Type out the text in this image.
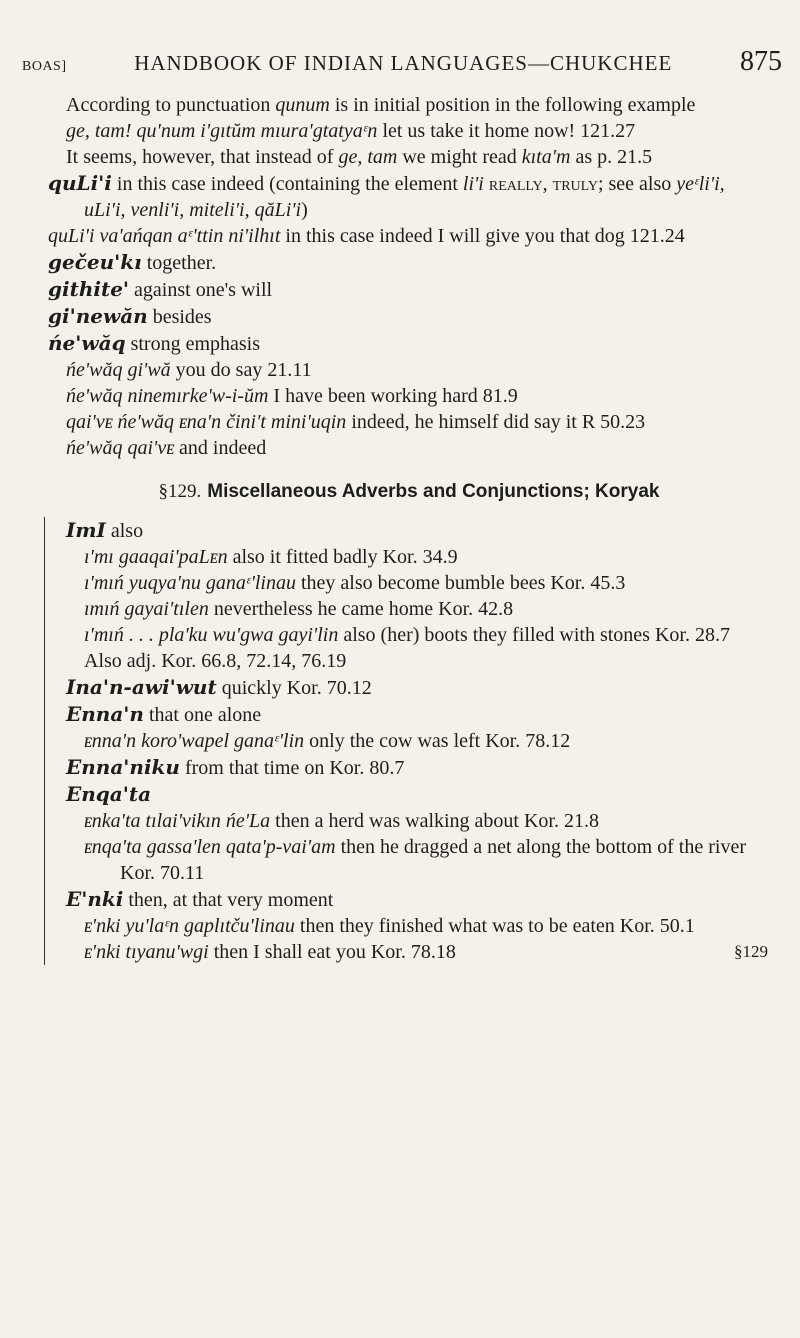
BOAS]	HANDBOOK OF INDIAN LANGUAGES—CHUKCHEE 875

According to punctuation qunum is in initial position in the following example

ge, tam! qu'num i'gıtŭm mıura'gtatyaᵋn let us take it home now! 121.27

It seems, however, that instead of ge, tam we might read kıta'm as p. 21.5

quLi'i in this case indeed (containing the element li'i really, truly; see also yeᵋli'i, uLi'i, venli'i, miteli'i, qăLi'i)

quLi'i va'ańqan aᵋ'ttin ni'ilhıt in this case indeed I will give you that dog 121.24

gečeu'kı together.

githite' against one's will

gi'newăn besides

ńe'wăq strong emphasis

ńe'wăq gi'wă you do say 21.11

ńe'wăq ninemırke'w-i-ŭm I have been working hard 81.9

qai'vᴇ ńe'wăq ᴇna'n čini't mini'uqin indeed, he himself did say it R 50.23

ńe'wăq qai'vᴇ and indeed

§129. Miscellaneous Adverbs and Conjunctions; Koryak

ImI also

ı'mı gaaqai'paLᴇn also it fitted badly Kor. 34.9

ı'mıń yuqya'nu ganaᵋ'linau they also become bumble bees Kor. 45.3

ımıń gayai'tılen nevertheless he came home Kor. 42.8

ı'mıń . . . pla'ku wu'gwa gayi'lin also (her) boots they filled with stones Kor. 28.7

Also adj. Kor. 66.8, 72.14, 76.19

Ina'n-awi'wut quickly Kor. 70.12

Enna'n that one alone

ᴇnna'n koro'wapel ganaᵋ'lin only the cow was left Kor. 78.12

Enna'niku from that time on Kor. 80.7

Enqa'ta

ᴇnka'ta tılai'vikın ńe'La then a herd was walking about Kor. 21.8

ᴇnqa'ta gassa'len qata'p-vai'am then he dragged a net along the bottom of the river Kor. 70.11

E'nki then, at that very moment

ᴇ'nki yu'laᵋn gaplıtču'linau then they finished what was to be eaten Kor. 50.1

ᴇ'nki tıyanu'wgi then I shall eat you Kor. 78.18	§129
